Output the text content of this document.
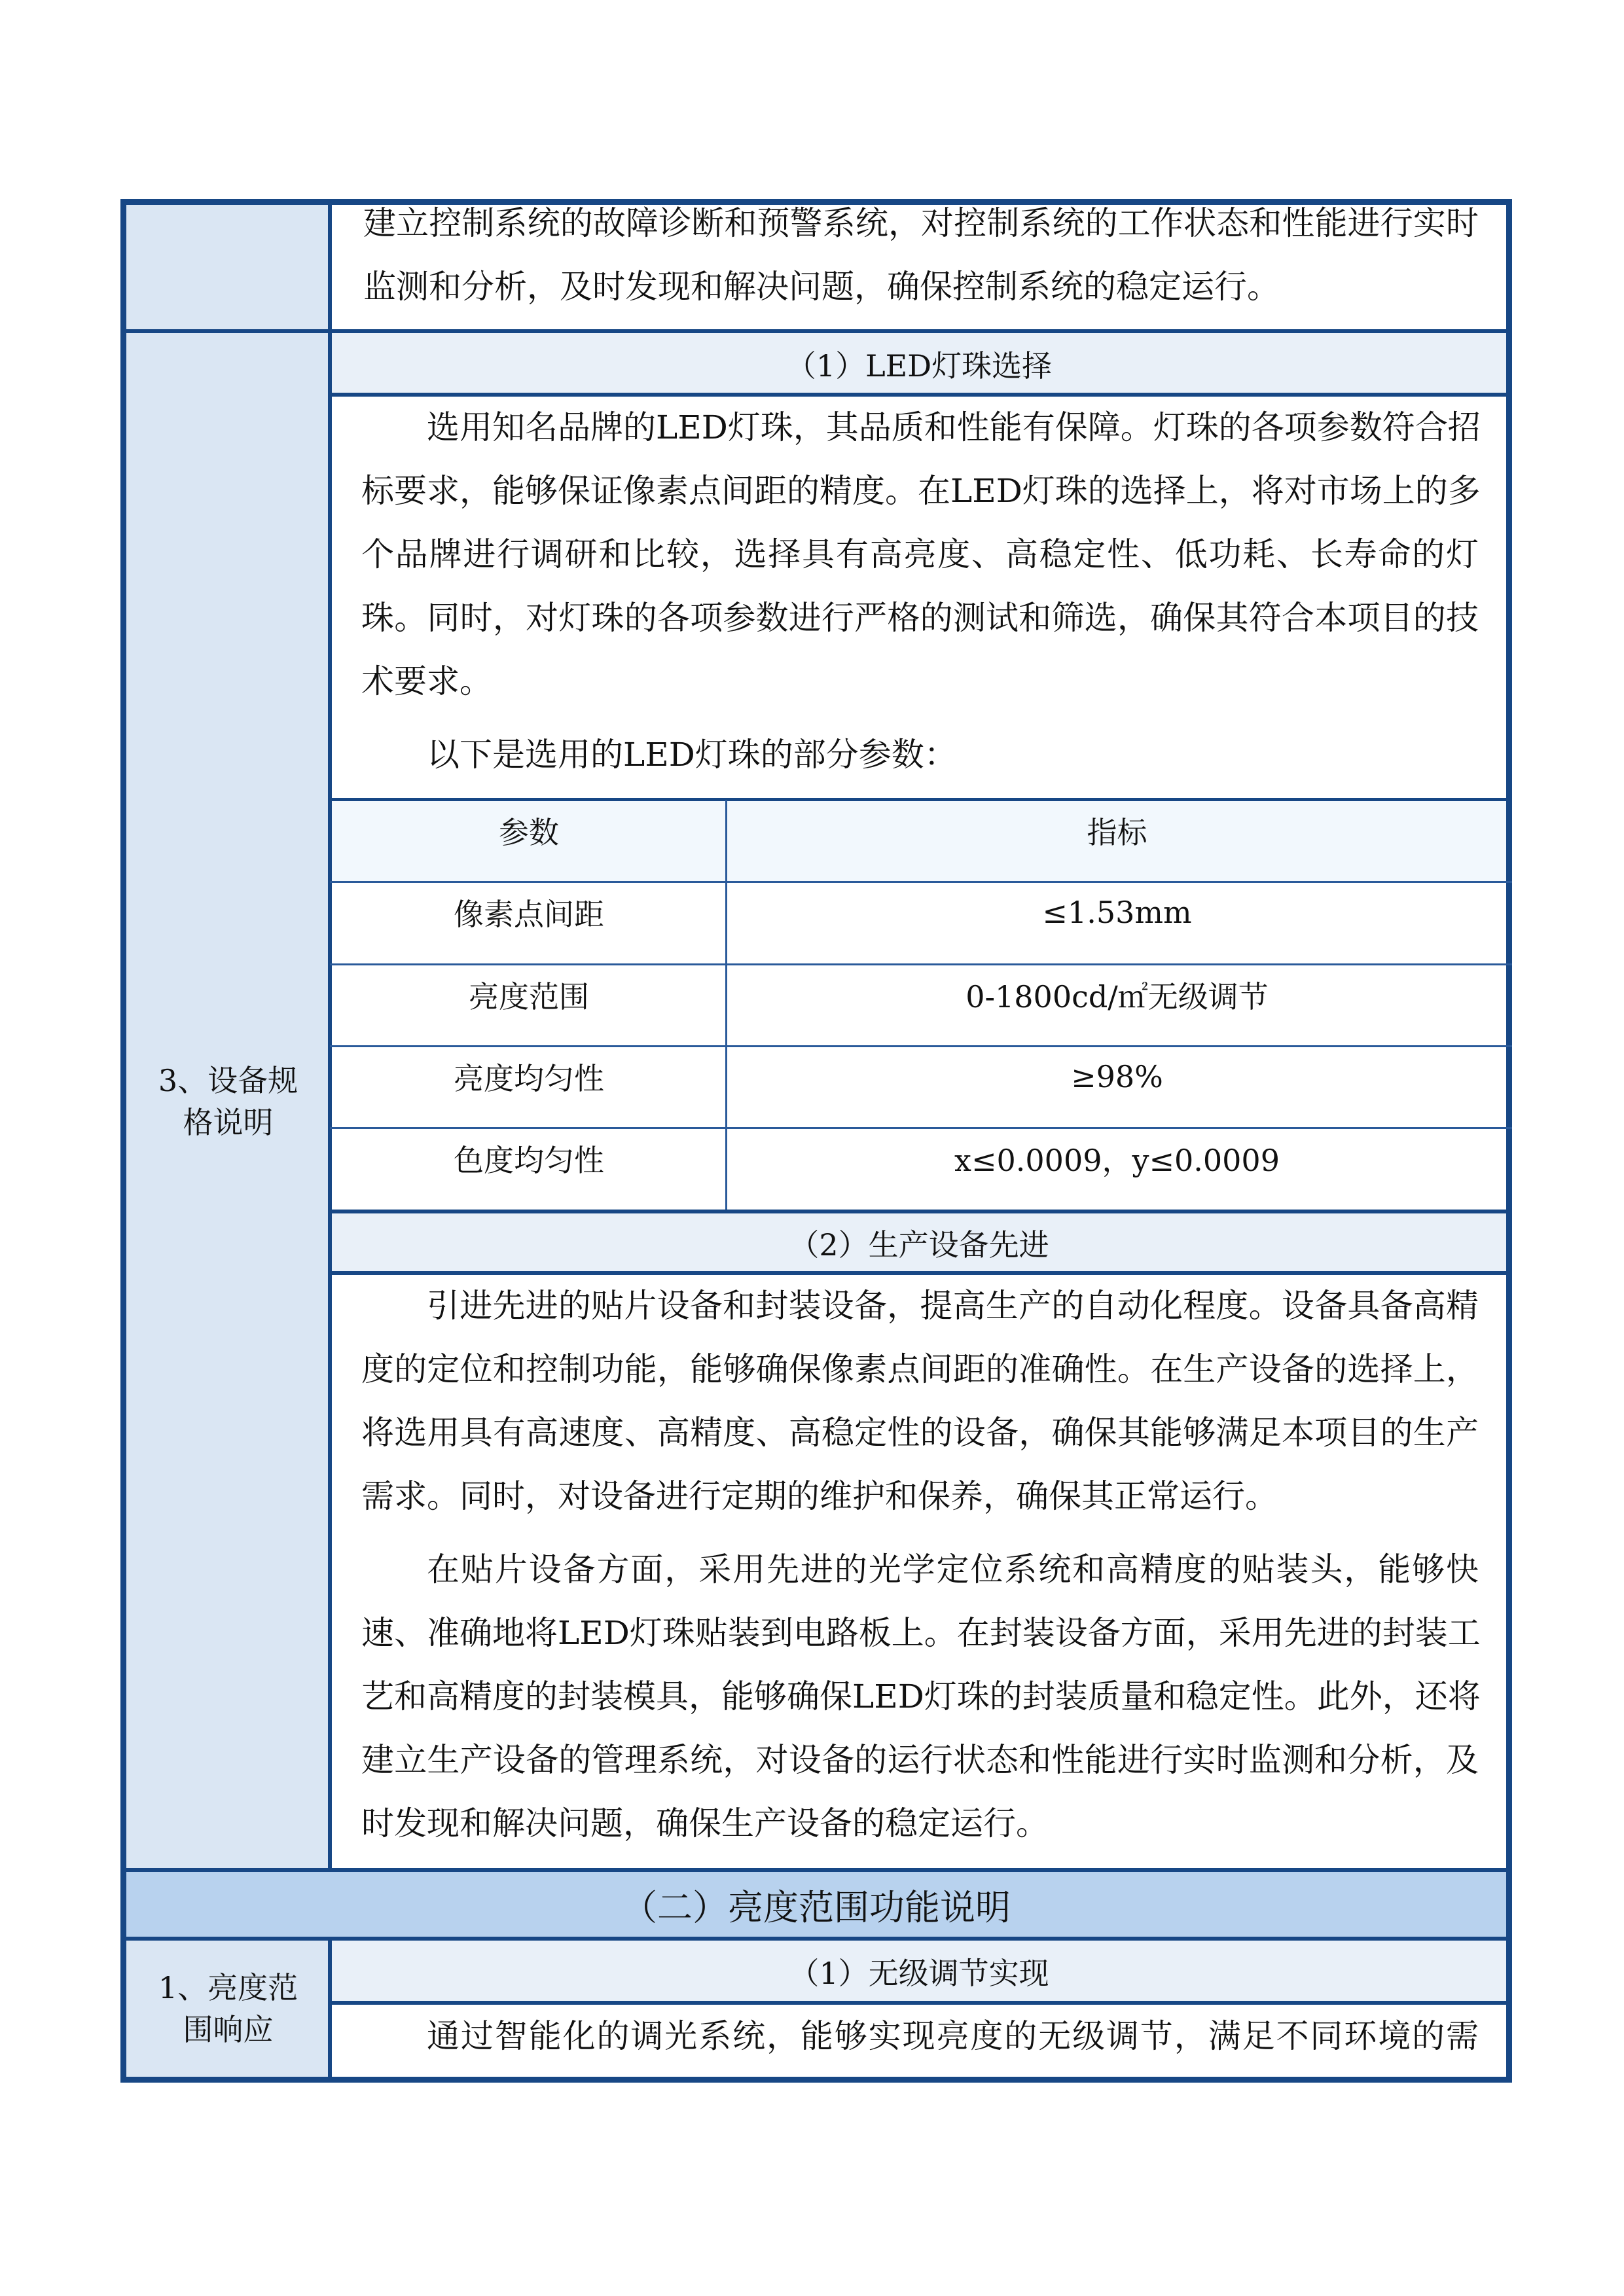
建立控制系统的故障诊断和预警系统，对控制系统的工作状态和性能进行实时
监测和分析，及时发现和解决问题，确保控制系统的稳定运行。
3、设备规
格说明
（1）LED灯珠选择
选用知名品牌的LED灯珠，其品质和性能有保障。灯珠的各项参数符合招
标要求，能够保证像素点间距的精度。在LED灯珠的选择上，将对市场上的多
个品牌进行调研和比较，选择具有高亮度、高稳定性、低功耗、长寿命的灯
珠。同时，对灯珠的各项参数进行严格的测试和筛选，确保其符合本项目的技
术要求。
以下是选用的LED灯珠的部分参数：
参数	指标
像素点间距	≤1.53mm
亮度范围	0-1800cd/㎡无级调节
亮度均匀性	≥98%
色度均匀性	x≤0.0009，y≤0.0009
（2）生产设备先进
引进先进的贴片设备和封装设备，提高生产的自动化程度。设备具备高精
度的定位和控制功能，能够确保像素点间距的准确性。在生产设备的选择上，
将选用具有高速度、高精度、高稳定性的设备，确保其能够满足本项目的生产
需求。同时，对设备进行定期的维护和保养，确保其正常运行。
在贴片设备方面，采用先进的光学定位系统和高精度的贴装头，能够快
速、准确地将LED灯珠贴装到电路板上。在封装设备方面，采用先进的封装工
艺和高精度的封装模具，能够确保LED灯珠的封装质量和稳定性。此外，还将
建立生产设备的管理系统，对设备的运行状态和性能进行实时监测和分析，及
时发现和解决问题，确保生产设备的稳定运行。
（二）亮度范围功能说明
1、亮度范
围响应
（1）无级调节实现
通过智能化的调光系统，能够实现亮度的无级调节，满足不同环境的需
